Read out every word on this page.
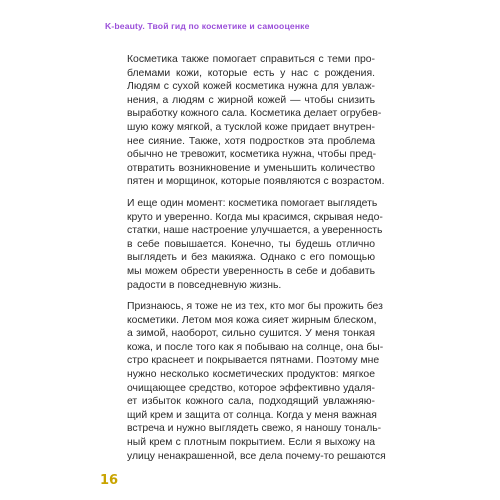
K-beauty. Твой гид по косметике и самооценке
Косметика также помогает справиться с теми про-
блемами кожи, которые есть у нас с рождения.
Людям с сухой кожей косметика нужна для увлаж-
нения, а людям с жирной кожей — чтобы снизить
выработку кожного сала. Косметика делает огрубев-
шую кожу мягкой, а тусклой коже придает внутрен-
нее сияние. Также, хотя подростков эта проблема
обычно не тревожит, косметика нужна, чтобы пред-
отвратить возникновение и уменьшить количество
пятен и морщинок, которые появляются с возрастом.
И еще один момент: косметика помогает выглядеть
круто и уверенно. Когда мы красимся, скрывая недо-
статки, наше настроение улучшается, а уверенность
в себе повышается. Конечно, ты будешь отлично
выглядеть и без макияжа. Однако с его помощью
мы можем обрести уверенность в себе и добавить
радости в повседневную жизнь.
Признаюсь, я тоже не из тех, кто мог бы прожить без
косметики. Летом моя кожа сияет жирным блеском,
а зимой, наоборот, сильно сушится. У меня тонкая
кожа, и после того как я побываю на солнце, она бы-
стро краснеет и покрывается пятнами. Поэтому мне
нужно несколько косметических продуктов: мягкое
очищающее средство, которое эффективно удаля-
ет избыток кожного сала, подходящий увлажняю-
щий крем и защита от солнца. Когда у меня важная
встреча и нужно выглядеть свежо, я наношу тональ-
ный крем с плотным покрытием. Если я выхожу на
улицу ненакрашенной, все дела почему-то решаются
16
